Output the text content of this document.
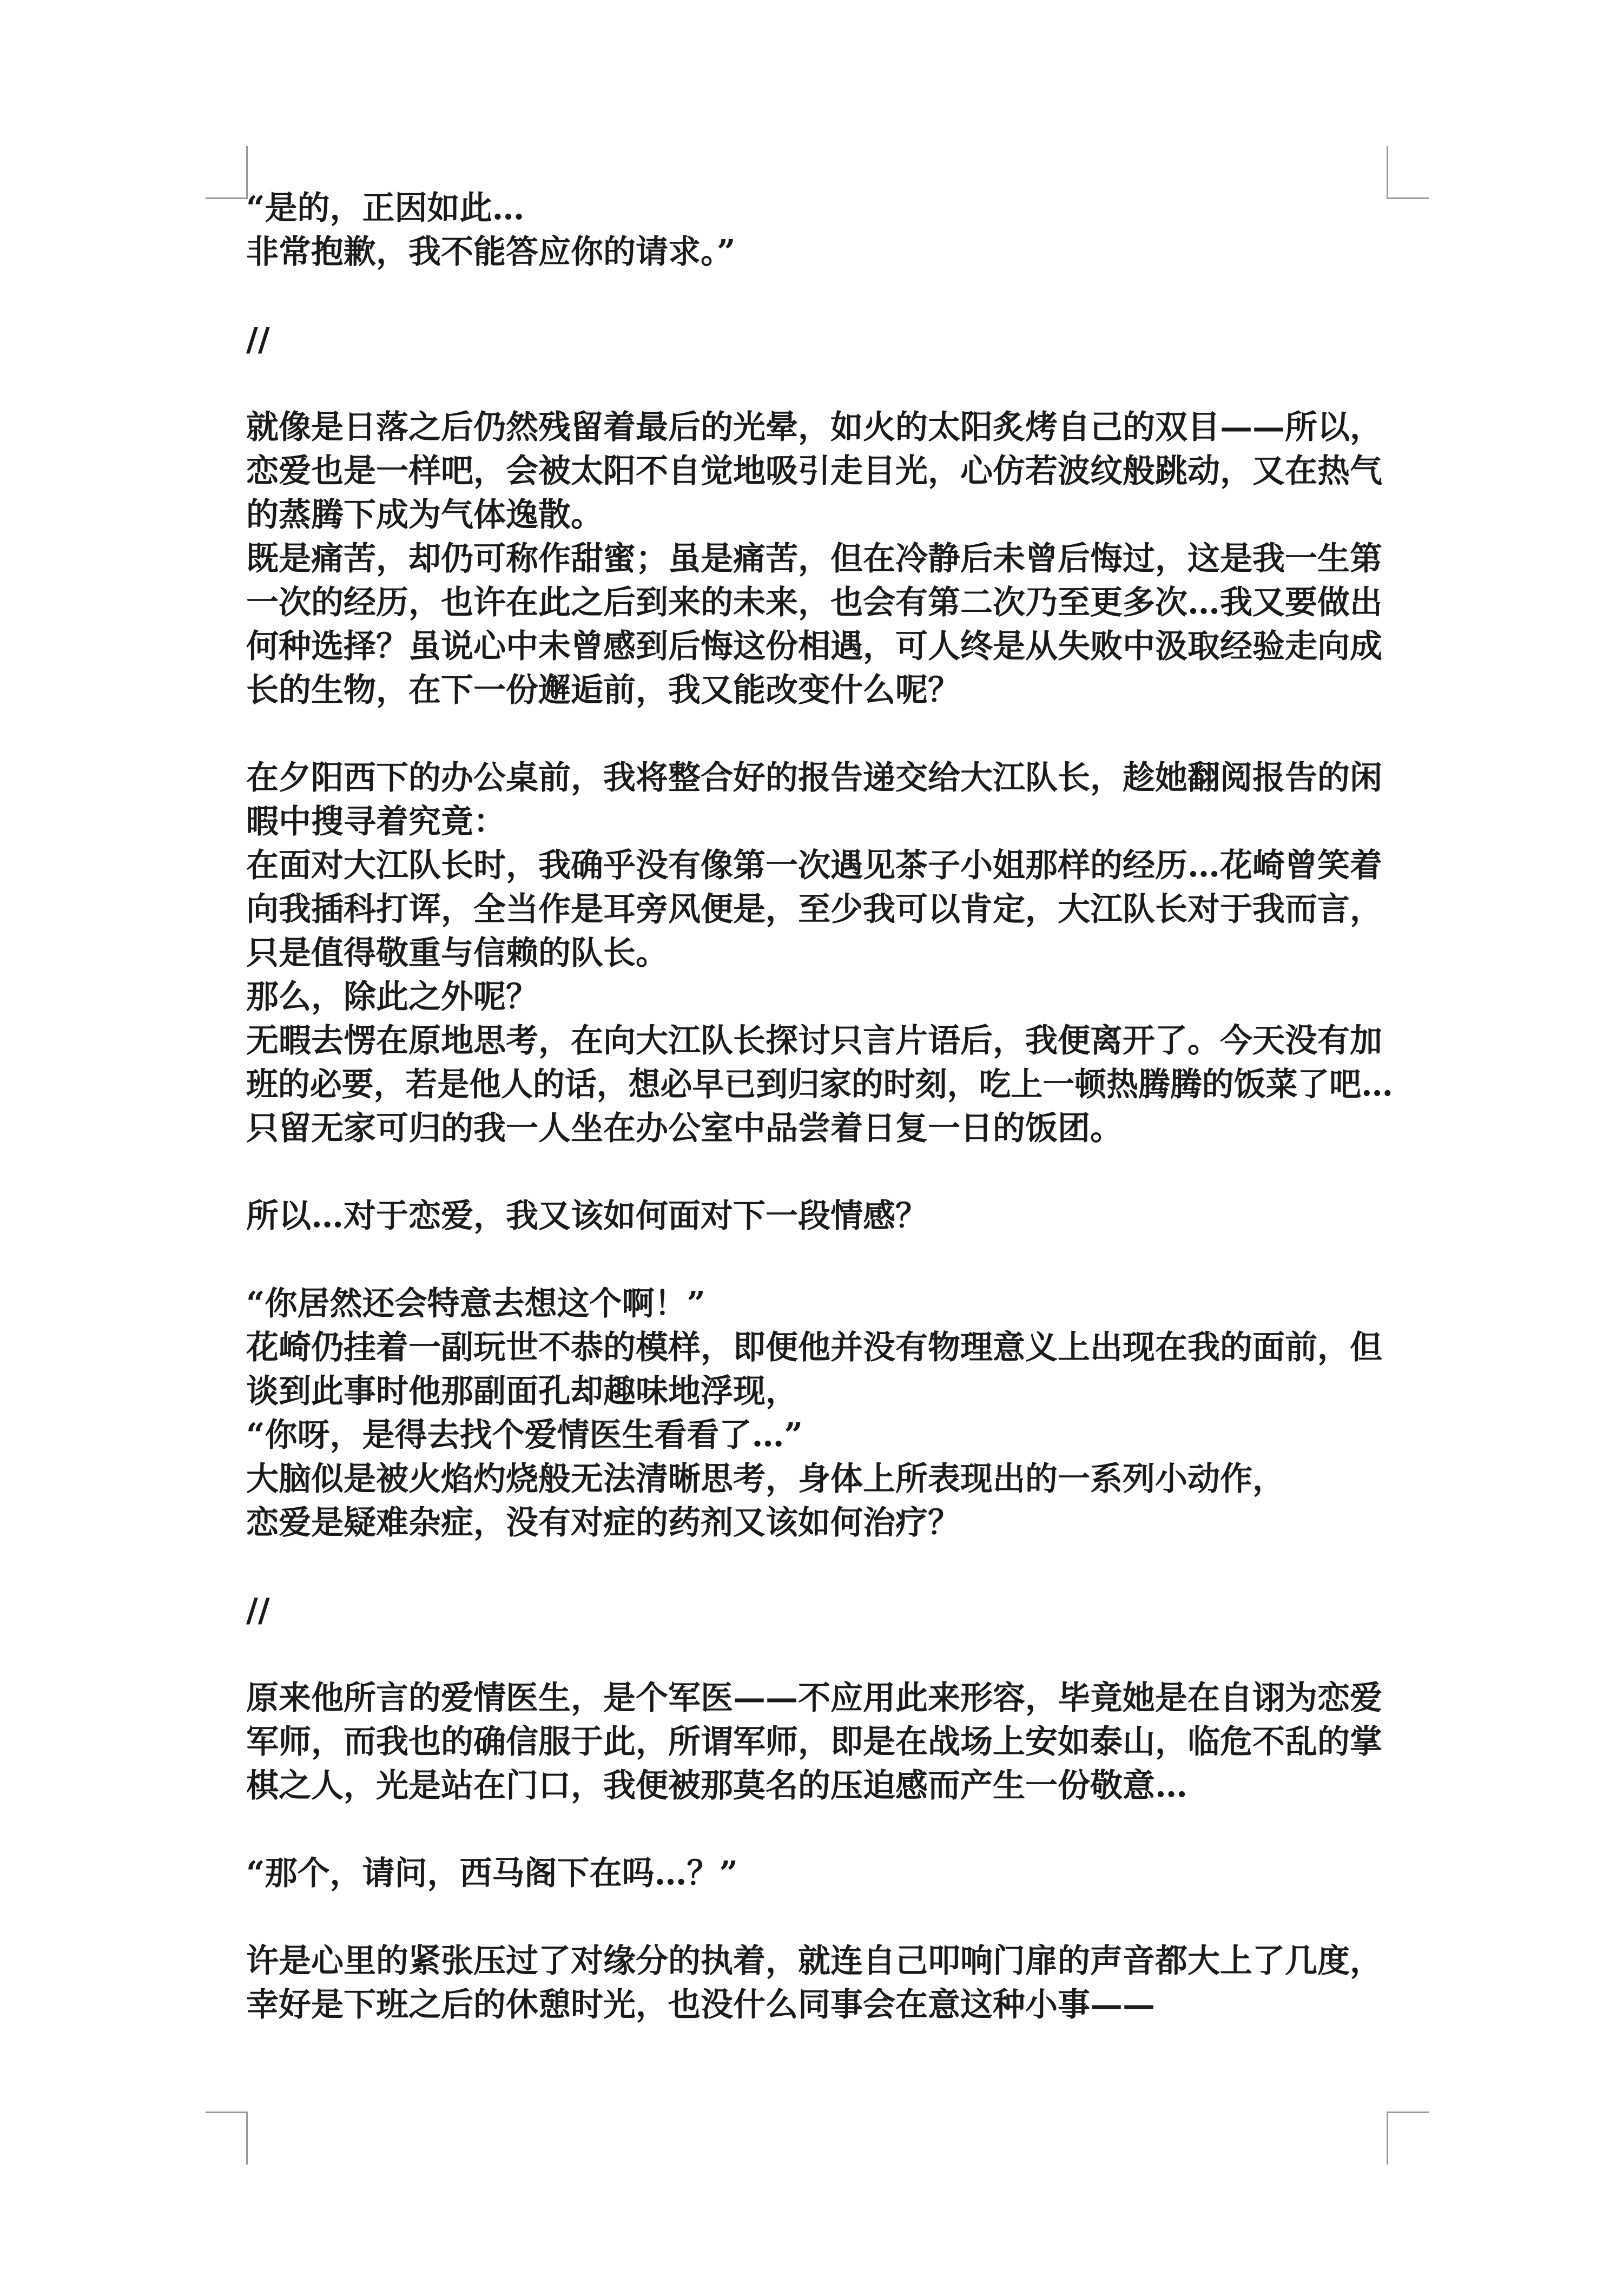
“是的，正因如此…
非常抱歉，我不能答应你的请求。”
//
就像是日落之后仍然残留着最后的光晕，如火的太阳炙烤自己的双目——所以，
恋爱也是一样吧，会被太阳不自觉地吸引走目光，心仿若波纹般跳动，又在热气
的蒸腾下成为气体逸散。
既是痛苦，却仍可称作甜蜜；虽是痛苦，但在冷静后未曾后悔过，这是我一生第
一次的经历，也许在此之后到来的未来，也会有第二次乃至更多次…我又要做出
何种选择？虽说心中未曾感到后悔这份相遇，可人终是从失败中汲取经验走向成
长的生物，在下一份邂逅前，我又能改变什么呢？
在夕阳西下的办公桌前，我将整合好的报告递交给大江队长，趁她翻阅报告的闲
暇中搜寻着究竟：
在面对大江队长时，我确乎没有像第一次遇见茶子小姐那样的经历…花崎曾笑着
向我插科打诨，全当作是耳旁风便是，至少我可以肯定，大江队长对于我而言，
只是值得敬重与信赖的队长。
那么，除此之外呢？
无暇去愣在原地思考，在向大江队长探讨只言片语后，我便离开了。今天没有加
班的必要，若是他人的话，想必早已到归家的时刻，吃上一顿热腾腾的饭菜了吧…
只留无家可归的我一人坐在办公室中品尝着日复一日的饭团。
所以…对于恋爱，我又该如何面对下一段情感？
“你居然还会特意去想这个啊！”
花崎仍挂着一副玩世不恭的模样，即便他并没有物理意义上出现在我的面前，但
谈到此事时他那副面孔却趣味地浮现，
“你呀，是得去找个爱情医生看看了…”
大脑似是被火焰灼烧般无法清晰思考，身体上所表现出的一系列小动作，
恋爱是疑难杂症，没有对症的药剂又该如何治疗？
//
原来他所言的爱情医生，是个军医——不应用此来形容，毕竟她是在自诩为恋爱
军师，而我也的确信服于此，所谓军师，即是在战场上安如泰山，临危不乱的掌
棋之人，光是站在门口，我便被那莫名的压迫感而产生一份敬意…
“那个，请问，西马阁下在吗…？”
许是心里的紧张压过了对缘分的执着，就连自己叩响门扉的声音都大上了几度，
幸好是下班之后的休憩时光，也没什么同事会在意这种小事——
